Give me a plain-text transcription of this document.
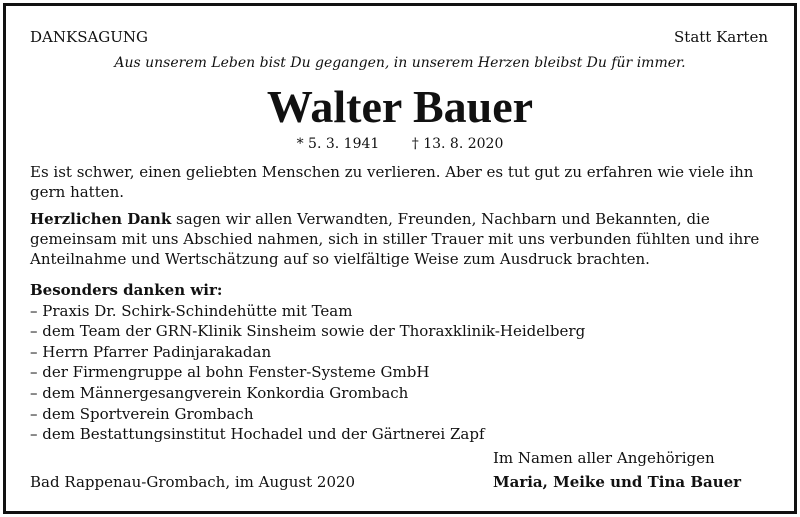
DANKSAGUNG	Statt Karten
Aus unserem Leben bist Du gegangen, in unserem Herzen bleibst Du für immer.
Walter Bauer
* 5. 3. 1941 † 13. 8. 2020
Es ist schwer, einen geliebten Menschen zu verlieren. Aber es tut gut zu erfahren wie viele ihn gern hatten.
Herzlichen Dank sagen wir allen Verwandten, Freunden, Nachbarn und Bekannten, die gemeinsam mit uns Abschied nahmen, sich in stiller Trauer mit uns verbunden fühlten und ihre Anteilnahme und Wertschätzung auf so vielfältige Weise zum Ausdruck brachten.
Besonders danken wir:
– Praxis Dr. Schirk-Schindehütte mit Team
– dem Team der GRN-Klinik Sinsheim sowie der Thoraxklinik-Heidelberg
– Herrn Pfarrer Padinjarakadan
– der Firmengruppe al bohn Fenster-Systeme GmbH
– dem Männergesangverein Konkordia Grombach
– dem Sportverein Grombach
– dem Bestattungsinstitut Hochadel und der Gärtnerei Zapf
Bad Rappenau-Grombach, im August 2020
Im Namen aller Angehörigen
Maria, Meike und Tina Bauer
